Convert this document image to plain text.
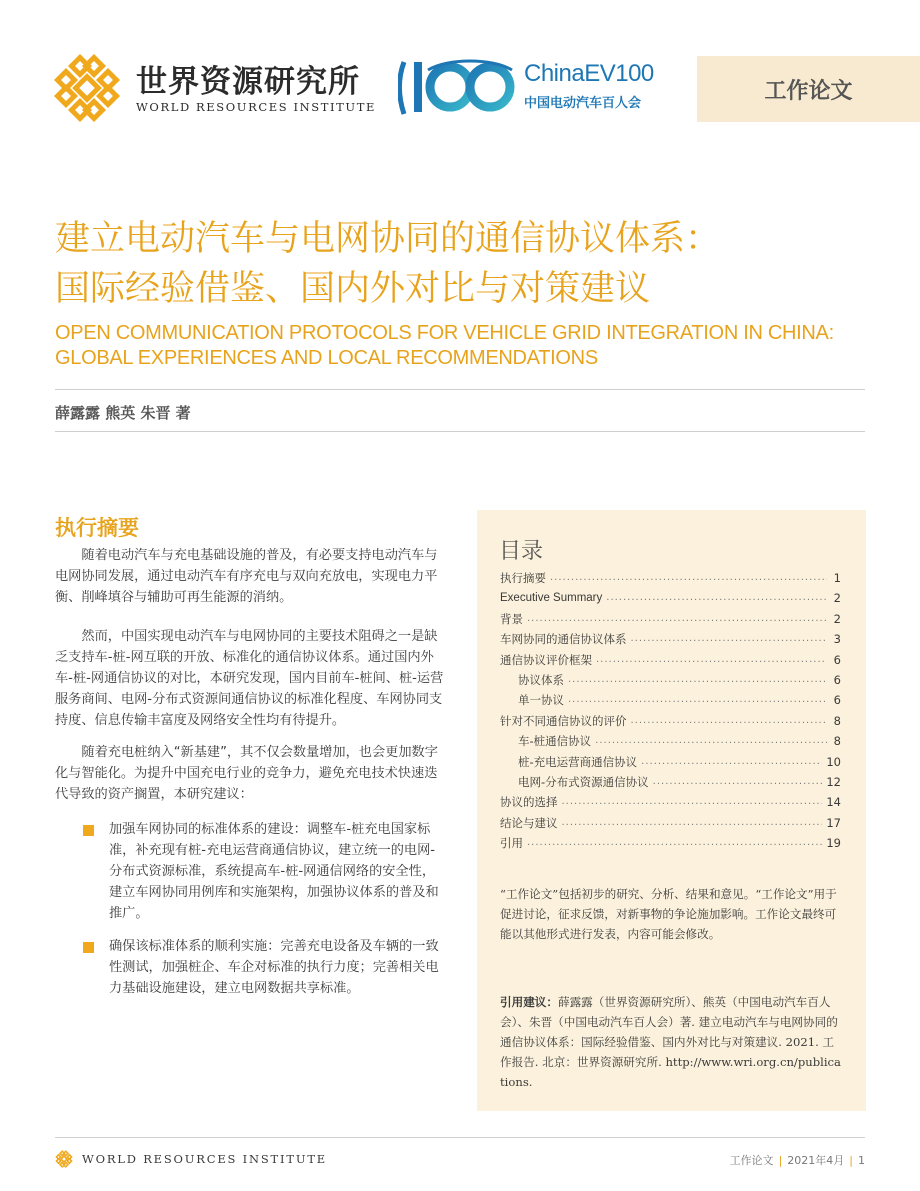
世界资源研究所
WORLD RESOURCES INSTITUTE
ChinaEV100
中国电动汽车百人会	工作论文
建立电动汽车与电网协同的通信协议体系：
国际经验借鉴、国内外对比与对策建议
OPEN COMMUNICATION PROTOCOLS FOR VEHICLE GRID INTEGRATION IN CHINA:
GLOBAL EXPERIENCES AND LOCAL RECOMMENDATIONS
薛露露 熊英 朱晋 著
执行摘要

随着电动汽车与充电基础设施的普及，有必要支持电动汽车与电网协同发展，通过电动汽车有序充电与双向充放电，实现电力平衡、削峰填谷与辅助可再生能源的消纳。

然而，中国实现电动汽车与电网协同的主要技术阻碍之一是缺乏支持车-桩-网互联的开放、标准化的通信协议体系。通过国内外车-桩-网通信协议的对比，本研究发现，国内目前车-桩间、桩-运营服务商间、电网-分布式资源间通信协议的标准化程度、车网协同支持度、信息传输丰富度及网络安全性均有待提升。

随着充电桩纳入“新基建”，其不仅会数量增加，也会更加数字化与智能化。为提升中国充电行业的竞争力，避免充电技术快速迭代导致的资产搁置，本研究建议：

加强车网协同的标准体系的建设：调整车-桩充电国家标准，补充现有桩-充电运营商通信协议，建立统一的电网-分布式资源标准，系统提高车-桩-网通信网络的安全性，建立车网协同用例库和实施架构，加强协议体系的普及和推广。
确保该标准体系的顺利实施：完善充电设备及车辆的一致性测试，加强桩企、车企对标准的执行力度；完善相关电力基础设施建设，建立电网数据共享标准。
目录
执行摘要 .....	1
Executive Summary .....	2
背景 .....	2
车网协同的通信协议体系 .....	3
通信协议评价框架 .....	6
协议体系 .....	6
单一协议 .....	6
针对不同通信协议的评价 .....	8
车-桩通信协议 .....	8
桩-充电运营商通信协议 .....	10
电网-分布式资源通信协议 .....	12
协议的选择 .....	14
结论与建议 .....	17
引用 .....	19
“工作论文”包括初步的研究、分析、结果和意见。“工作论文”用于促进讨论，征求反馈，对新事物的争论施加影响。工作论文最终可能以其他形式进行发表，内容可能会修改。
引用建议：薛露露（世界资源研究所）、熊英（中国电动汽车百人会）、朱晋（中国电动汽车百人会）著. 建立电动汽车与电网协同的通信协议体系：国际经验借鉴、国内外对比与对策建议. 2021. 工作报告. 北京：世界资源研究所. http://www.wri.org.cn/publications.
WORLD RESOURCES INSTITUTE	工作论文 | 2021年4月 | 1
